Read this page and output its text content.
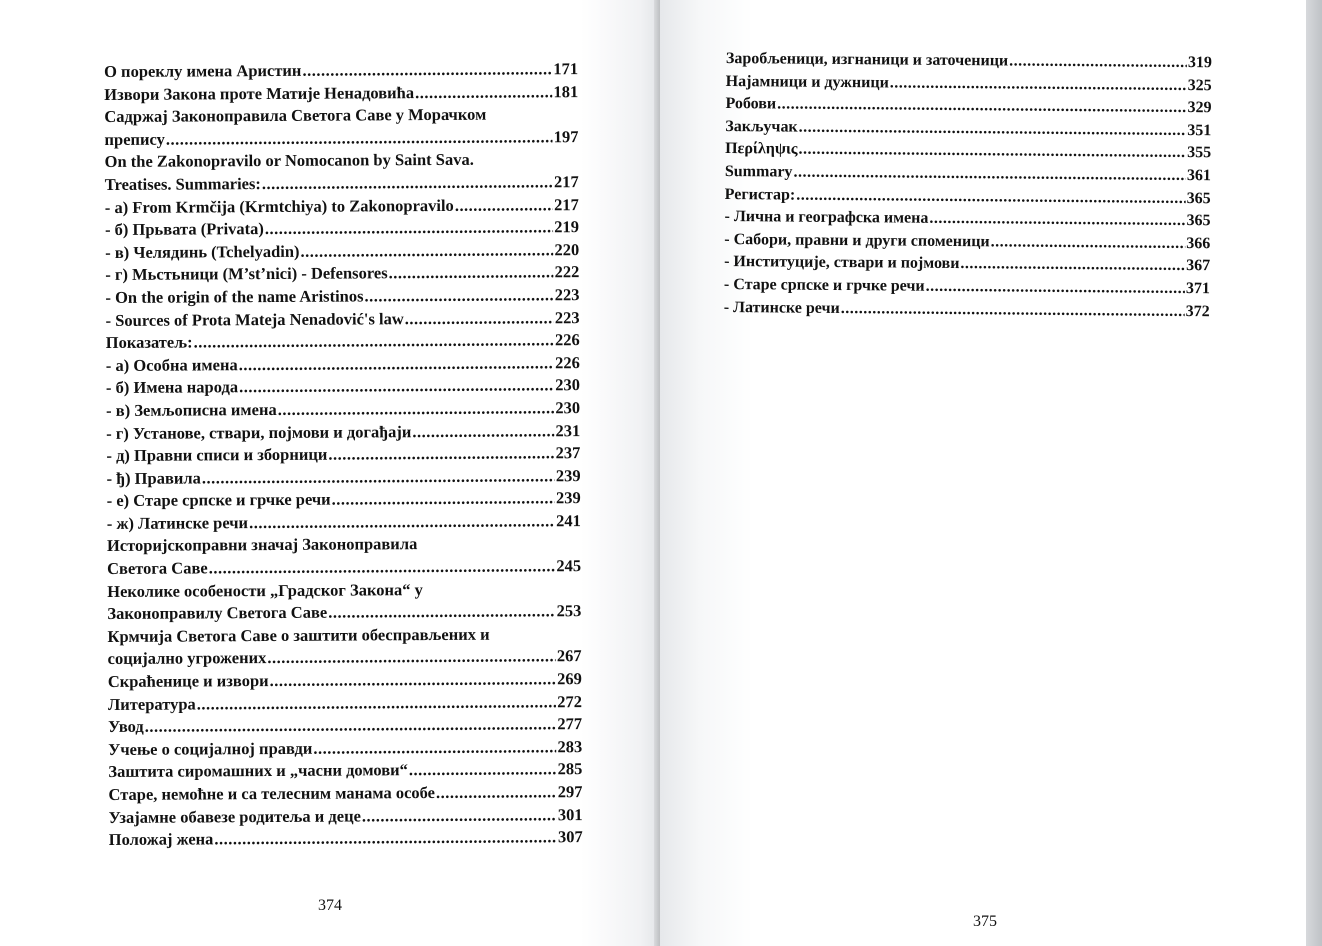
О пореклу имена Аристин .....	171
Извори Закона проте Матије Ненадовића .....	181
Садржај Законоправила Светога Саве у Морачком
препису .....	197
On the Zakonopravilo or Nomocanon by Saint Sava.
Treatises. Summaries: .....	217
- а) From Krmčija (Krmtchiya) to Zakonopravilo .....	217
- б) Прьвата (Privata) .....	219
- в) Челядинь (Tchelyadin) .....	220
- г) Мьстьници (M’st’nici) - Defensores .....	222
- On the origin of the name Aristinos .....	223
- Sources of Prota Mateja Nenadović's law .....	223
Показатељ: .....	226
- а) Особна имена .....	226
- б) Имена народа .....	230
- в) Земљописна имена .....	230
- г) Установе, ствари, појмови и догађаји .....	231
- д) Правни списи и зборници .....	237
- ђ) Правила .....	239
- е) Старе српске и грчке речи .....	239
- ж) Латинске речи .....	241
Историјскоправни значај Законоправила
Светога Саве .....	245
Неколике особености „Градског Закона“ у
Законоправилу Светога Саве .....	253
Крмчија Светога Саве о заштити обесправљених и
социјално угрожених .....	267
Скраћенице и извори .....	269
Литература .....	272
Увод .....	277
Учење о социјалној правди .....	283
Заштита сиромашних и „часни домови“ .....	285
Старе, немоћне и са телесним манама особе .....	297
Узајамне обавезе родитеља и деце .....	301
Положај жена .....	307
374
Заробљеници, изгнаници и заточеници .....	319
Најамници и дужници .....	325
Робови .....	329
Закључак .....	351
Περίληψις .....	355
Summary .....	361
Регистар: .....	365
- Лична и географска имена .....	365
- Сабори, правни и други споменици .....	366
- Институције, ствари и појмови .....	367
- Старе српске и грчке речи .....	371
- Латинске речи .....	372
375
